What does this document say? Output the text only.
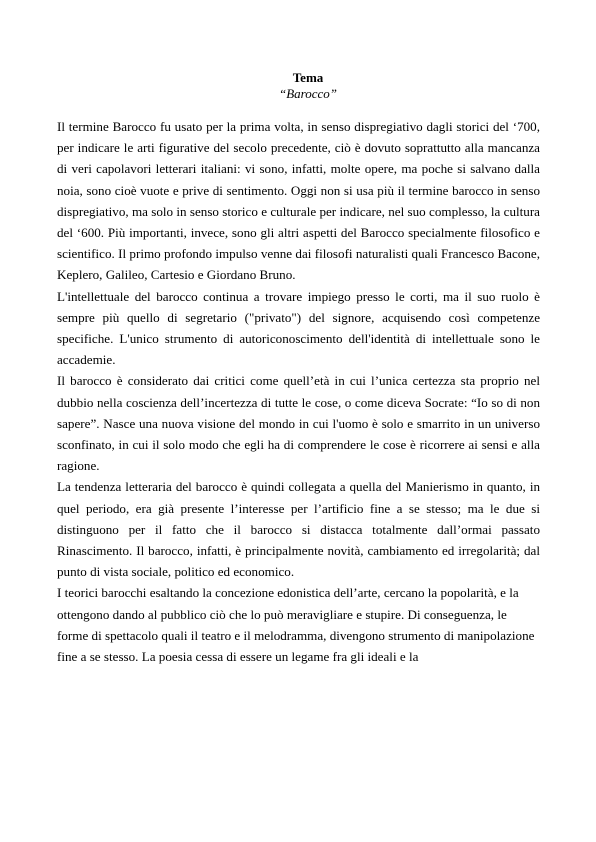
Tema
“Barocco”

Il termine Barocco fu usato per la prima volta, in senso dispregiativo dagli storici del ‘700, per indicare le arti figurative del secolo precedente, ciò è dovuto soprattutto alla mancanza di veri capolavori letterari italiani: vi sono, infatti, molte opere, ma poche si salvano dalla noia, sono cioè vuote e prive di sentimento. Oggi non si usa più il termine barocco in senso dispregiativo, ma solo in senso storico e culturale per indicare, nel suo complesso, la cultura del ‘600. Più importanti, invece, sono gli altri aspetti del Barocco specialmente filosofico e scientifico. Il primo profondo impulso venne dai filosofi naturalisti quali Francesco Bacone, Keplero, Galileo, Cartesio e Giordano Bruno.

L'intellettuale del barocco continua a trovare impiego presso le corti, ma il suo ruolo è sempre più quello di segretario ("privato") del signore, acquisendo così competenze specifiche. L'unico strumento di autoriconoscimento dell'identità di intellettuale sono le accademie.

Il barocco è considerato dai critici come quell’età in cui l’unica certezza sta proprio nel dubbio nella coscienza dell’incertezza di tutte le cose, o come diceva Socrate: “Io so di non sapere”. Nasce una nuova visione del mondo in cui l'uomo è solo e smarrito in un universo sconfinato, in cui il solo modo che egli ha di comprendere le cose è ricorrere ai sensi e alla ragione.

La tendenza letteraria del barocco è quindi collegata a quella del Manierismo in quanto, in quel periodo, era già presente l’interesse per l’artificio fine a se stesso; ma le due si distinguono per il fatto che il barocco si distacca totalmente dall’ormai passato Rinascimento. Il barocco, infatti, è principalmente novità, cambiamento ed irregolarità; dal punto di vista sociale, politico ed economico.

I teorici barocchi esaltando la concezione edonistica dell’arte, cercano la popolarità, e la ottengono dando al pubblico ciò che lo può meravigliare e stupire. Di conseguenza, le forme di spettacolo quali il teatro e il melodramma, divengono strumento di manipolazione fine a se stesso. La poesia cessa di essere un legame fra gli ideali e la
